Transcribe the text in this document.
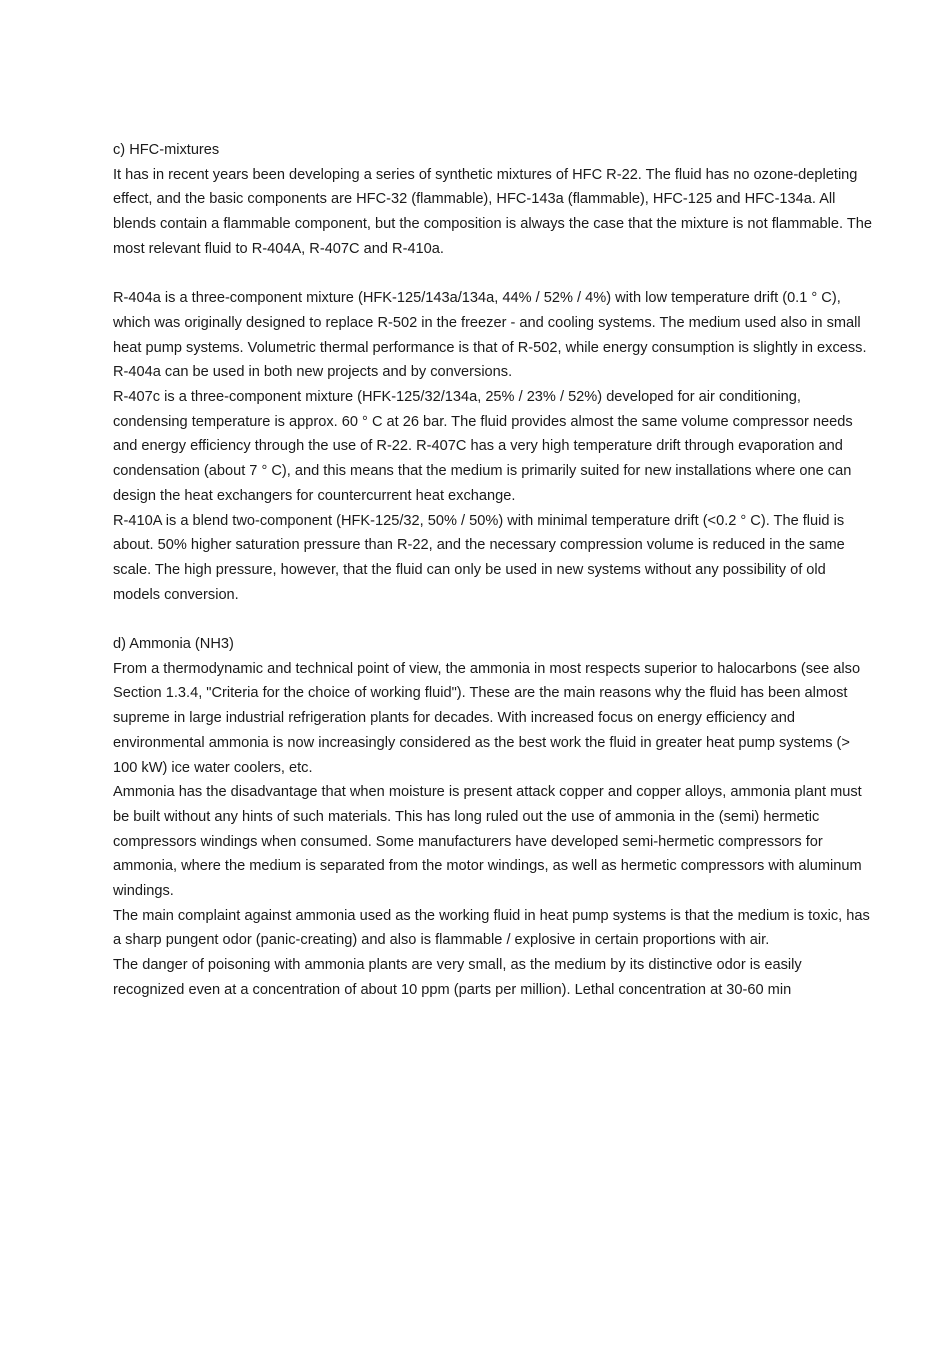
c) HFC-mixtures

It has in recent years been developing a series of synthetic mixtures of HFC R-22. The fluid has no ozone-depleting effect, and the basic components are HFC-32 (flammable), HFC-143a (flammable), HFC-125 and HFC-134a. All blends contain a flammable component, but the composition is always the case that the mixture is not flammable. The most relevant fluid to R-404A, R-407C and R-410a.

R-404a is a three-component mixture (HFK-125/143a/134a, 44% / 52% / 4%) with low temperature drift (0.1 ° C), which was originally designed to replace R-502 in the freezer - and cooling systems. The medium used also in small heat pump systems. Volumetric thermal performance is that of R-502, while energy consumption is slightly in excess. R-404a can be used in both new projects and by conversions.

R-407c is a three-component mixture (HFK-125/32/134a, 25% / 23% / 52%) developed for air conditioning, condensing temperature is approx. 60 ° C at 26 bar. The fluid provides almost the same volume compressor needs and energy efficiency through the use of R-22. R-407C has a very high temperature drift through evaporation and condensation (about 7 ° C), and this means that the medium is primarily suited for new installations where one can design the heat exchangers for countercurrent heat exchange.

R-410A is a blend two-component (HFK-125/32, 50% / 50%) with minimal temperature drift (<0.2 ° C). The fluid is about. 50% higher saturation pressure than R-22, and the necessary compression volume is reduced in the same scale. The high pressure, however, that the fluid can only be used in new systems without any possibility of old models conversion.

d) Ammonia (NH3)

From a thermodynamic and technical point of view, the ammonia in most respects superior to halocarbons (see also Section 1.3.4, "Criteria for the choice of working fluid"). These are the main reasons why the fluid has been almost supreme in large industrial refrigeration plants for decades. With increased focus on energy efficiency and environmental ammonia is now increasingly considered as the best work the fluid in greater heat pump systems (> 100 kW) ice water coolers, etc.

Ammonia has the disadvantage that when moisture is present attack copper and copper alloys, ammonia plant must be built without any hints of such materials. This has long ruled out the use of ammonia in the (semi) hermetic compressors windings when consumed. Some manufacturers have developed semi-hermetic compressors for ammonia, where the medium is separated from the motor windings, as well as hermetic compressors with aluminum windings.

The main complaint against ammonia used as the working fluid in heat pump systems is that the medium is toxic, has a sharp pungent odor (panic-creating) and also is flammable / explosive in certain proportions with air.

The danger of poisoning with ammonia plants are very small, as the medium by its distinctive odor is easily recognized even at a concentration of about 10 ppm (parts per million). Lethal concentration at 30-60 min
